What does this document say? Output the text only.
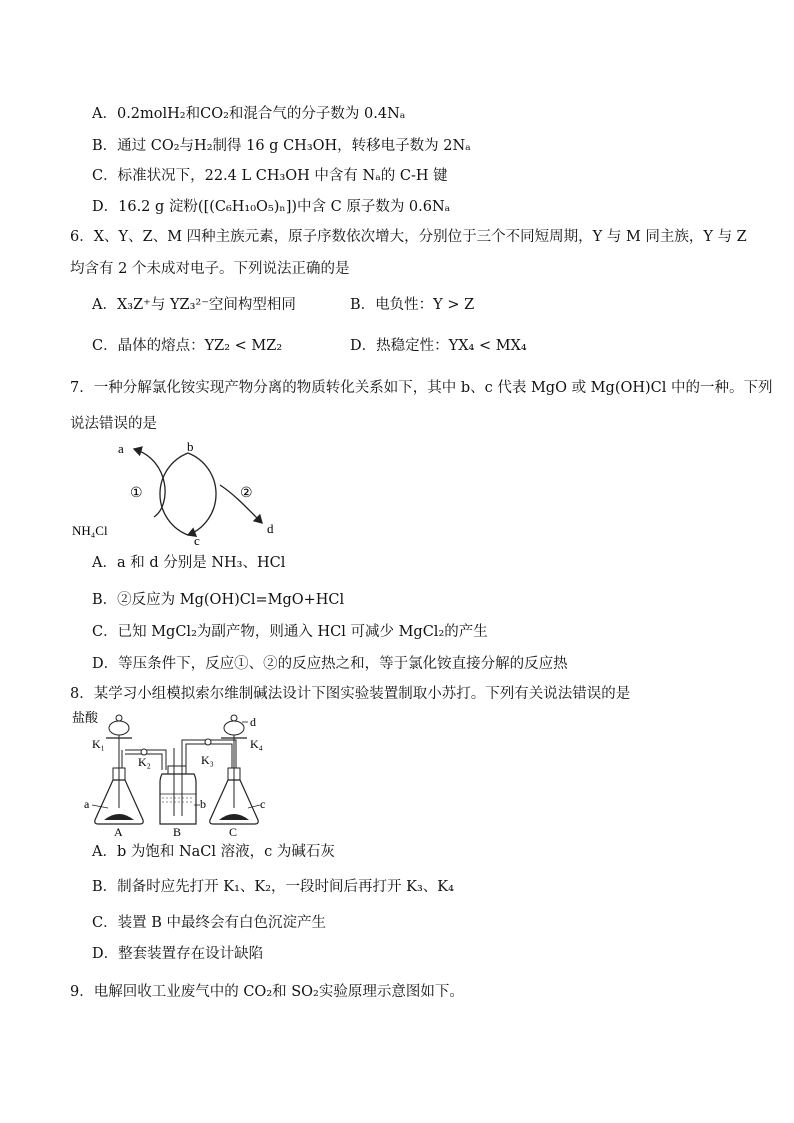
A．0.2molH₂和CO₂和混合气的分子数为 0.4Nₐ
B．通过 CO₂与H₂制得 16 g CH₃OH，转移电子数为 2Nₐ
C．标准状况下，22.4 L CH₃OH 中含有 Nₐ的 C-H 键
D．16.2 g 淀粉([(C₆H₁₀O₅)ₙ])中含 C 原子数为 0.6Nₐ
6．X、Y、Z、M 四种主族元素，原子序数依次增大，分别位于三个不同短周期，Y 与 M 同主族，Y 与 Z
均含有 2 个未成对电子。下列说法正确的是
A．X₃Z⁺与 YZ₃²⁻空间构型相同	B．电负性：Y > Z
C．晶体的熔点：YZ₂ < MZ₂	D．热稳定性：YX₄ < MX₄
7．一种分解氯化铵实现产物分离的物质转化关系如下，其中 b、c 代表 MgO 或 Mg(OH)Cl 中的一种。下列
说法错误的是
a	b
c
d
①	②
NH₄Cl
A．a 和 d 分别是 NH₃、HCl
B．②反应为 Mg(OH)Cl=MgO+HCl
C．已知 MgCl₂为副产物，则通入 HCl 可减少 MgCl₂的产生
D．等压条件下，反应①、②的反应热之和，等于氯化铵直接分解的反应热
8．某学习小组模拟索尔维制碱法设计下图实验装置制取小苏打。下列有关说法错误的是
盐酸
K₁
K₂	K₃
K₄
d
a	b	c
A	B	C
A．b 为饱和 NaCl 溶液，c 为碱石灰
B．制备时应先打开 K₁、K₂，一段时间后再打开 K₃、K₄
C．装置 B 中最终会有白色沉淀产生
D．整套装置存在设计缺陷
9．电解回收工业废气中的 CO₂和 SO₂实验原理示意图如下。
